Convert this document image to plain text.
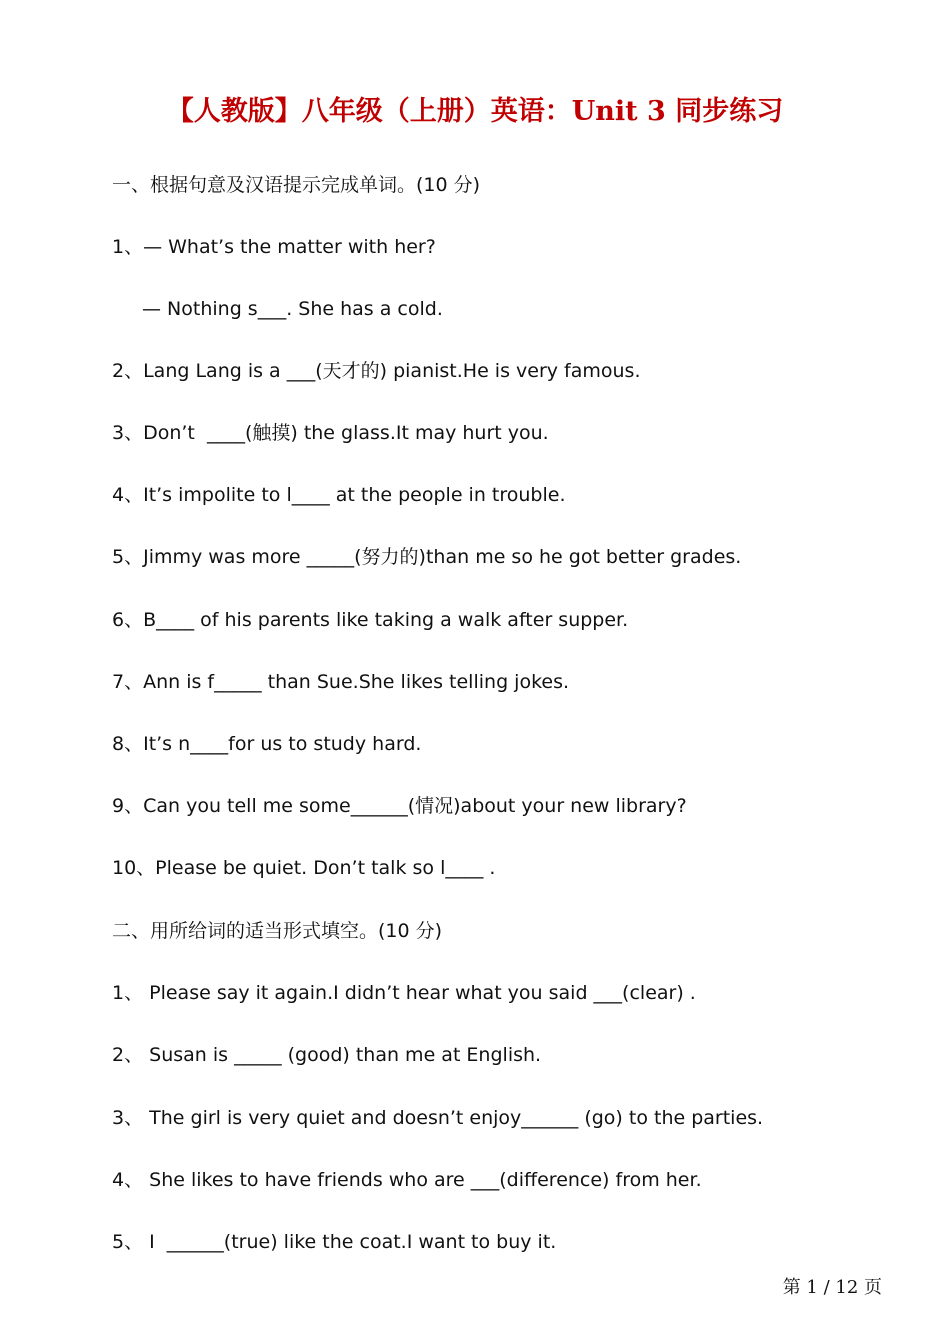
【人教版】八年级（上册）英语：Unit 3 同步练习
一、根据句意及汉语提示完成单词。(10 分)
1、— What’s the matter with her?
— Nothing s___. She has a cold.
2、Lang Lang is a ___(天才的) pianist.He is very famous.
3、Don’t  ____(触摸) the glass.It may hurt you.
4、It’s impolite to l____ at the people in trouble.
5、Jimmy was more _____(努力的)than me so he got better grades.
6、B____ of his parents like taking a walk after supper.
7、Ann is f_____ than Sue.She likes telling jokes.
8、It’s n____for us to study hard.
9、Can you tell me some______(情况)about your new library?
10、Please be quiet. Don’t talk so l____ .
二、用所给词的适当形式填空。(10 分)
1、 Please say it again.I didn’t hear what you said ___(clear) .
2、 Susan is _____ (good) than me at English.
3、 The girl is very quiet and doesn’t enjoy______ (go) to the parties.
4、 She likes to have friends who are ___(difference) from her.
5、 I  ______(true) like the coat.I want to buy it.
第 1 / 12 页
